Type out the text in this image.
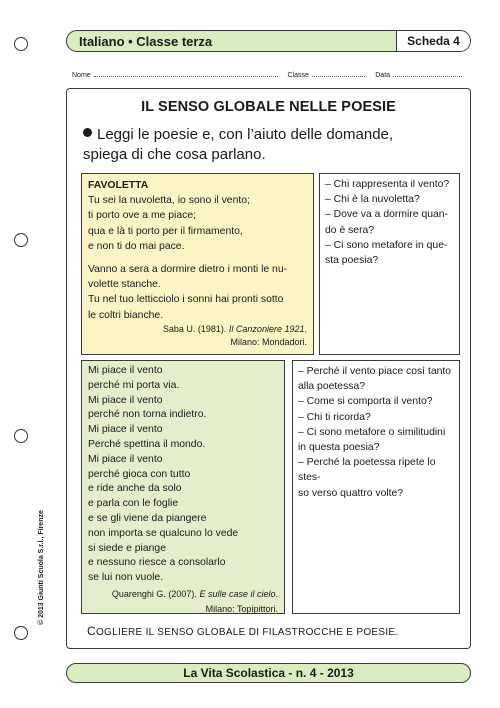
Italiano • Classe terza	Scheda 4
Nome	Classe	Data
IL SENSO GLOBALE NELLE POESIE
Leggi le poesie e, con l’aiuto delle domande,
spiega di che cosa parlano.
FAVOLETTA
Tu sei la nuvoletta, io sono il vento;
ti porto ove a me piace;
qua e là ti porto per il firmamento,
e non ti do mai pace.
Vanno a sera a dormire dietro i monti le nu-
volette stanche.
Tu nel tuo letticciolo i sonni hai pronti sotto
le coltri bianche.
Saba U. (1981). Il Canzoniere 1921.
Milano: Mondadori.
– Chi rappresenta il vento?
– Chi è la nuvoletta?
– Dove va a dormire quan-
do è sera?
– Ci sono metafore in que-
sta poesia?
Mi piace il vento
perché mi porta via.
Mi piace il vento
perché non torna indietro.
Mi piace il vento
Perché spettina il mondo.
Mi piace il vento
perché gioca con tutto
e ride anche da solo
e parla con le foglie
e se gli viene da piangere
non importa se qualcuno lo vede
si siede e piange
e nessuno riesce a consolarlo
se lui non vuole.
Quarenghi G. (2007). E sulle case il cielo.
Milano: Topipittori.
– Perché il vento piace così tanto
alla poetessa?
– Come si comporta il vento?
– Chi ti ricorda?
– Ci sono metafore o similitudini
in questa poesia?
– Perché la poetessa ripete lo stes-
so verso quattro volte?
COGLIERE IL SENSO GLOBALE DI FILASTROCCHE E POESIE.
La Vita Scolastica - n. 4 - 2013
© 2013 Giunti Scuola S.r.l., Firenze
